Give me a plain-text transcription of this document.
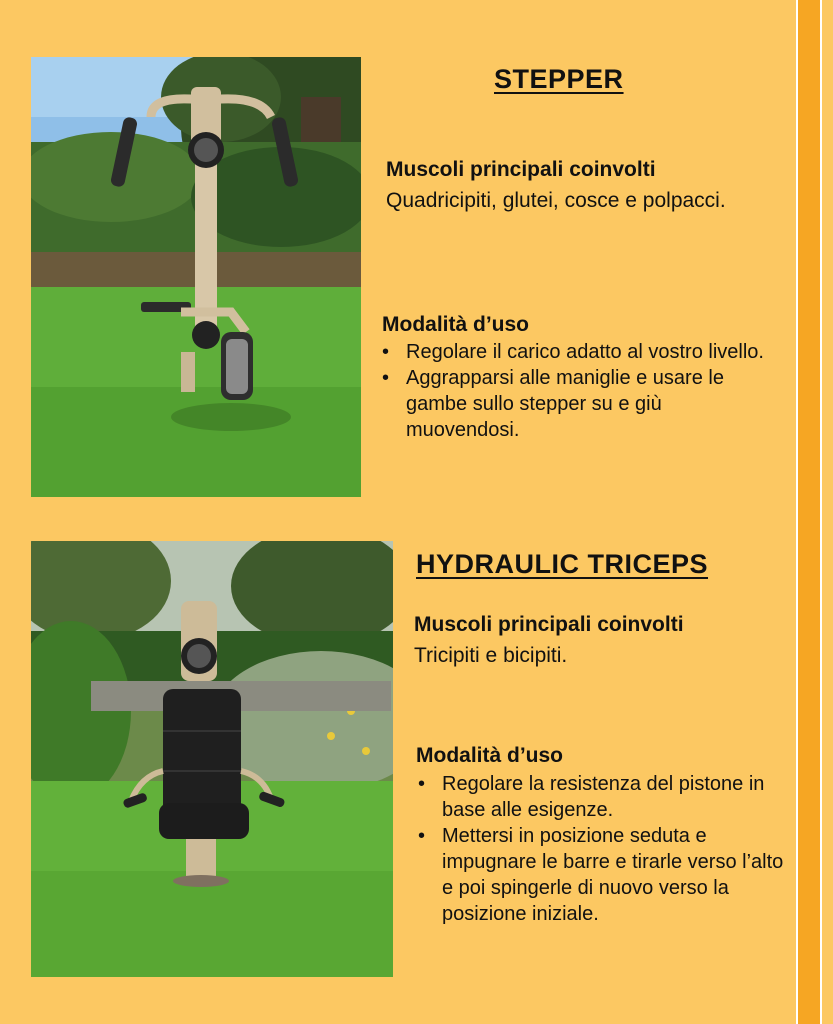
STEPPER
Muscoli principali coinvolti
Quadricipiti, glutei, cosce e polpacci.
Modalità d’uso
• Regolare il carico adatto al vostro livello.
• Aggrapparsi alle maniglie e usare le gambe sullo stepper su e giù muovendosi.
HYDRAULIC TRICEPS
Muscoli principali coinvolti
Tricipiti e bicipiti.
Modalità d’uso
• Regolare la resistenza del pistone in base alle esigenze.
• Mettersi in posizione seduta e impugnare le barre e tirarle verso l’alto e poi spingerle di nuovo verso la posizione iniziale.
